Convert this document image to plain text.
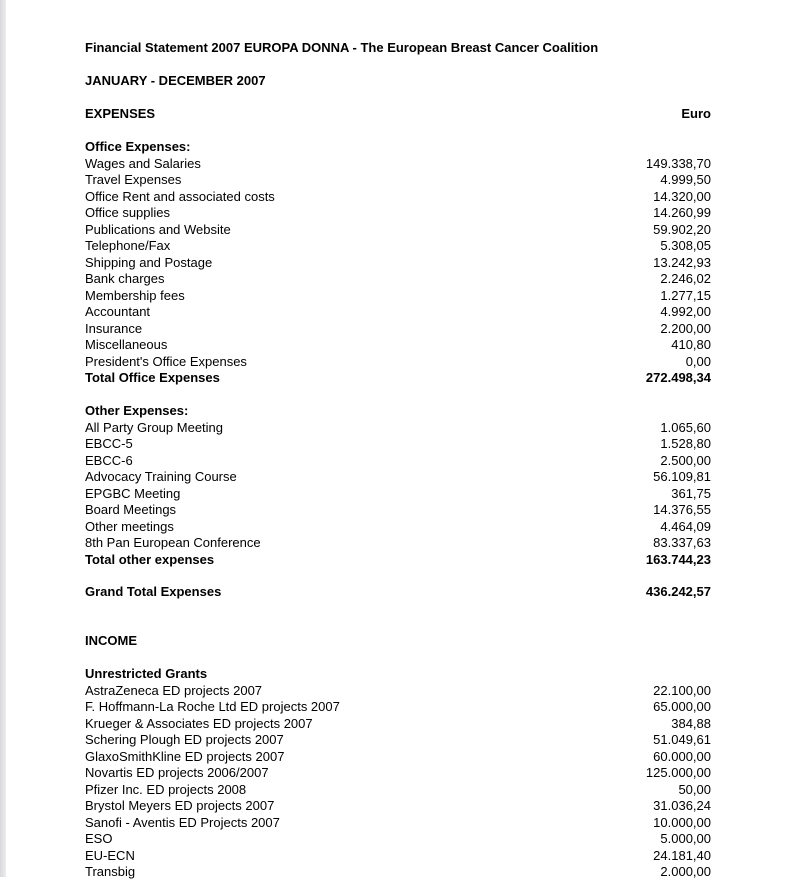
Financial Statement 2007 EUROPA DONNA - The European Breast Cancer Coalition
JANUARY - DECEMBER 2007
EXPENSES	Euro
Office Expenses:
Wages and Salaries	149.338,70
Travel Expenses	4.999,50
Office Rent and associated costs	14.320,00
Office supplies	14.260,99
Publications and Website	59.902,20
Telephone/Fax	5.308,05
Shipping and Postage	13.242,93
Bank charges	2.246,02
Membership fees	1.277,15
Accountant	4.992,00
Insurance	2.200,00
Miscellaneous	410,80
President's Office Expenses	0,00
Total Office Expenses	272.498,34
Other Expenses:
All Party Group Meeting	1.065,60
EBCC-5	1.528,80
EBCC-6	2.500,00
Advocacy Training Course	56.109,81
EPGBC Meeting	361,75
Board Meetings	14.376,55
Other meetings	4.464,09
8th Pan European Conference	83.337,63
Total other expenses	163.744,23
Grand Total Expenses	436.242,57
INCOME
Unrestricted Grants
AstraZeneca ED projects 2007	22.100,00
F. Hoffmann-La Roche Ltd ED projects 2007	65.000,00
Krueger & Associates ED projects 2007	384,88
Schering Plough ED projects 2007	51.049,61
GlaxoSmithKline ED projects 2007	60.000,00
Novartis ED projects 2006/2007	125.000,00
Pfizer Inc. ED projects 2008	50,00
Brystol Meyers ED projects 2007	31.036,24
Sanofi - Aventis ED Projects 2007	10.000,00
ESO	5.000,00
EU-ECN	24.181,40
Transbig	2.000,00
